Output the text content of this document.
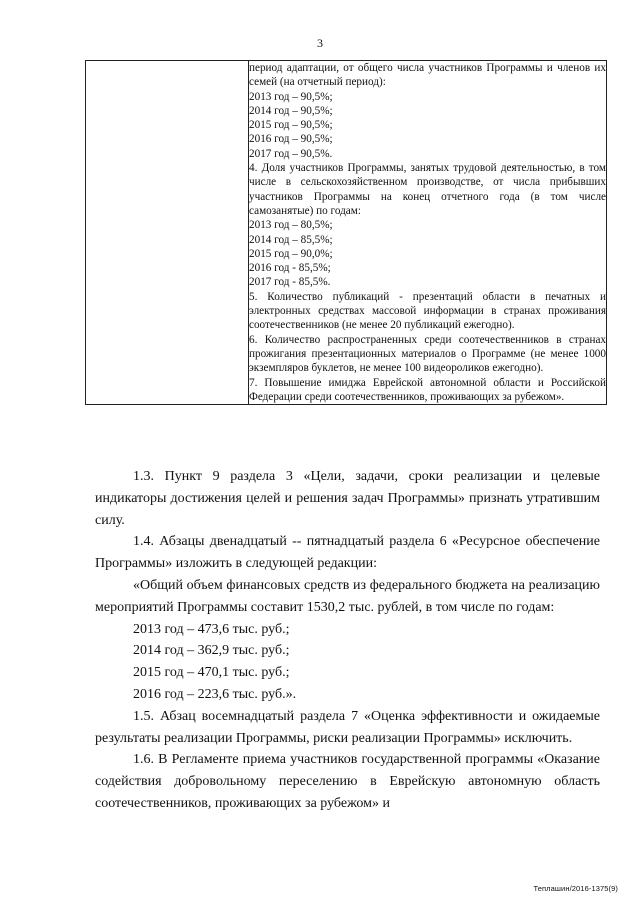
3

период адаптации, от общего числа участников Программы и членов их семей (на отчетный период):
2013 год – 90,5%;
2014 год – 90,5%;
2015 год – 90,5%;
2016 год – 90,5%;
2017 год – 90,5%.
4. Доля участников Программы, занятых трудовой деятельностью, в том числе в сельскохозяйственном производстве, от числа прибывших участников Программы на конец отчетного года (в том числе самозанятые) по годам:
2013 год – 80,5%;
2014 год – 85,5%;
2015 год – 90,0%;
2016 год - 85,5%;
2017 год - 85,5%.
5. Количество публикаций - презентаций области в печатных и электронных средствах массовой информации в странах проживания соотечественников (не менее 20 публикаций ежегодно).
6. Количество распространенных среди соотечественников в странах прожигания презентационных материалов о Программе (не менее 1000 экземпляров буклетов, не менее 100 видеороликов ежегодно).
7. Повышение имиджа Еврейской автономной области и Российской Федерации среди соотечественников, проживающих за рубежом».

1.3. Пункт 9 раздела 3 «Цели, задачи, сроки реализации и целевые индикаторы достижения целей и решения задач Программы» признать утратившим силу.

1.4. Абзацы двенадцатый -- пятнадцатый раздела 6 «Ресурсное обеспечение Программы» изложить в следующей редакции:

«Общий объем финансовых средств из федерального бюджета на реализацию мероприятий Программы составит 1530,2 тыс. рублей, в том числе по годам:

2013 год – 473,6 тыс. руб.;

2014 год – 362,9 тыс. руб.;

2015 год – 470,1 тыс. руб.;

2016 год – 223,6 тыс. руб.».

1.5. Абзац восемнадцатый раздела 7 «Оценка эффективности и ожидаемые результаты реализации Программы, риски реализации Программы» исключить.

1.6. В Регламенте приема участников государственной программы «Оказание содействия добровольному переселению в Еврейскую автономную область соотечественников, проживающих за рубежом» и

Теплашин/2016-1375(9)
